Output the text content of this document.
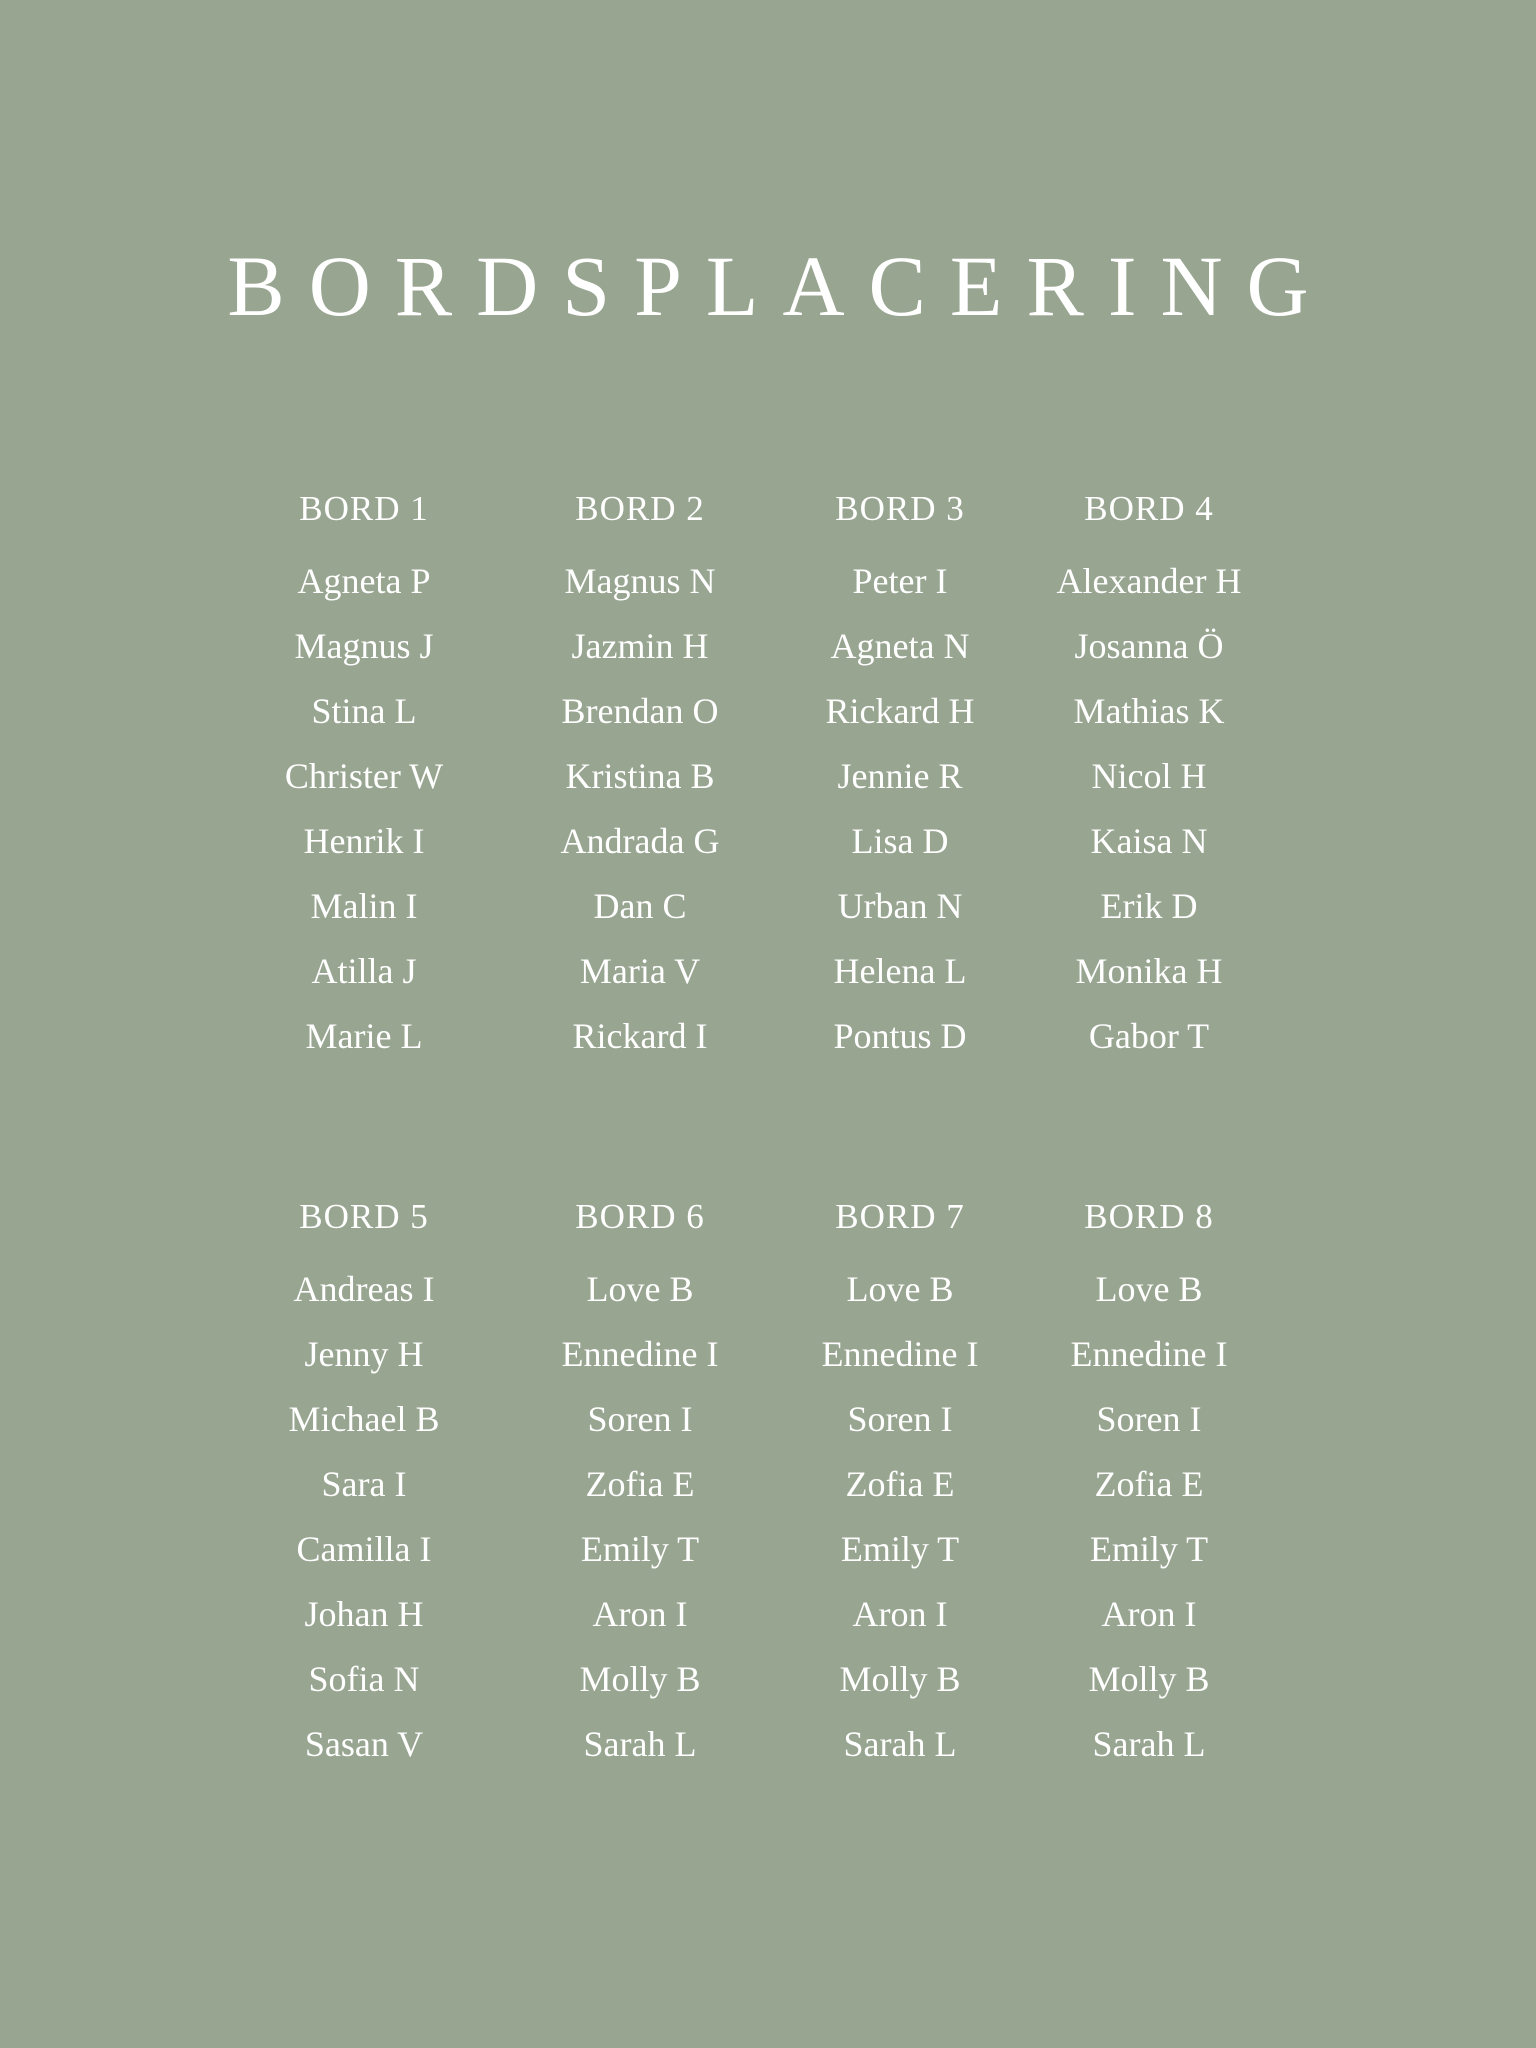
BORDSPLACERING
BORD 1
Agneta P
Magnus J
Stina L
Christer W
Henrik I
Malin I
Atilla J
Marie L
BORD 2
Magnus N
Jazmin H
Brendan O
Kristina B
Andrada G
Dan C
Maria V
Rickard I
BORD 3
Peter I
Agneta N
Rickard H
Jennie R
Lisa D
Urban N
Helena L
Pontus D
BORD 4
Alexander H
Josanna Ö
Mathias K
Nicol H
Kaisa N
Erik D
Monika H
Gabor T
BORD 5
Andreas I
Jenny H
Michael B
Sara I
Camilla I
Johan H
Sofia N
Sasan V
BORD 6
Love B
Ennedine I
Soren I
Zofia E
Emily T
Aron I
Molly B
Sarah L
BORD 7
Love B
Ennedine I
Soren I
Zofia E
Emily T
Aron I
Molly B
Sarah L
BORD 8
Love B
Ennedine I
Soren I
Zofia E
Emily T
Aron I
Molly B
Sarah L
